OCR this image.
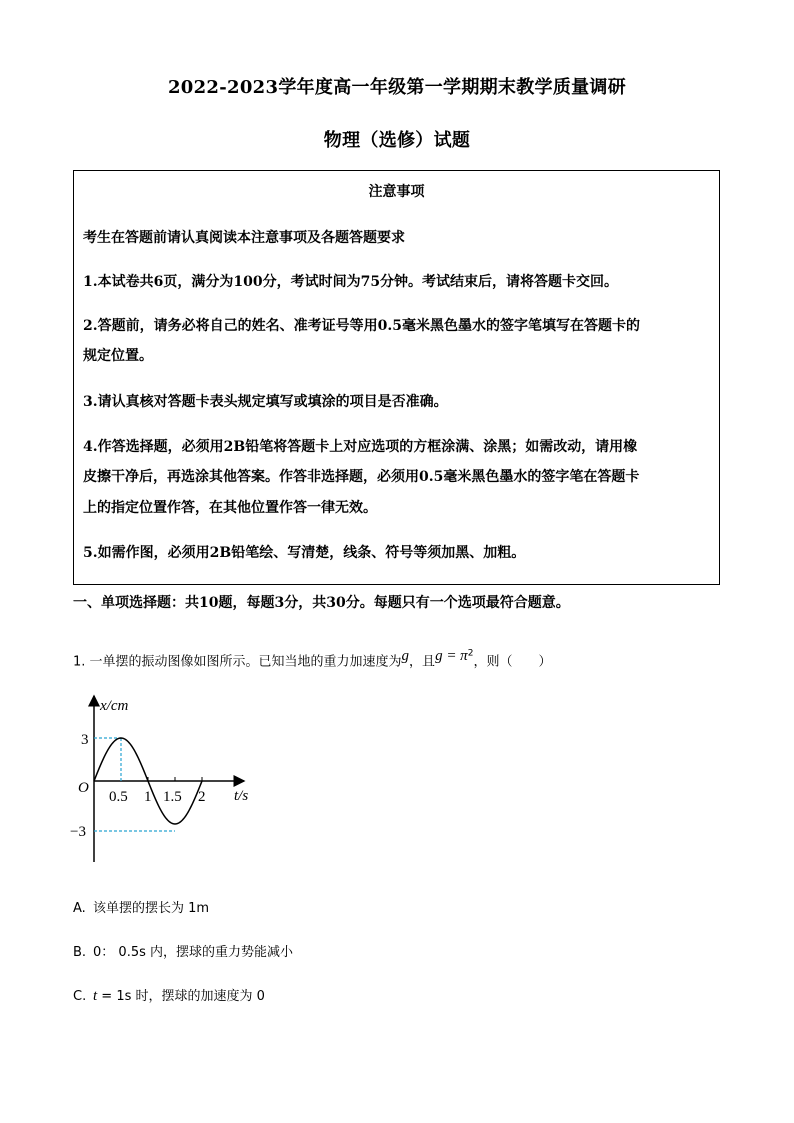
2022-2023学年度高一年级第一学期期末教学质量调研
物理（选修）试题
注意事项
考生在答题前请认真阅读本注意事项及各题答题要求
1.本试卷共6页，满分为100分，考试时间为75分钟。考试结束后，请将答题卡交回。
2.答题前，请务必将自己的姓名、准考证号等用0.5毫米黑色墨水的签字笔填写在答题卡的
规定位置。
3.请认真核对答题卡表头规定填写或填涂的项目是否准确。
4.作答选择题，必须用2B铅笔将答题卡上对应选项的方框涂满、涂黑；如需改动，请用橡
皮擦干净后，再选涂其他答案。作答非选择题，必须用0.5毫米黑色墨水的签字笔在答题卡
上的指定位置作答，在其他位置作答一律无效。
5.如需作图，必须用2B铅笔绘、写清楚，线条、符号等须加黑、加粗。
一、单项选择题：共10题，每题3分，共30分。每题只有一个选项最符合题意。
1. 一单摆的振动图像如图所示。已知当地的重力加速度为$^g$，且$^{g = \pi^2}$，则（　　）
x/cm
t/s
O
3
−3
0.5 1 1.5 2
A. 该单摆的摆长为 1m
B. 0： 0.5s 内，摆球的重力势能减小
C. t = 1s 时，摆球的加速度为 0
